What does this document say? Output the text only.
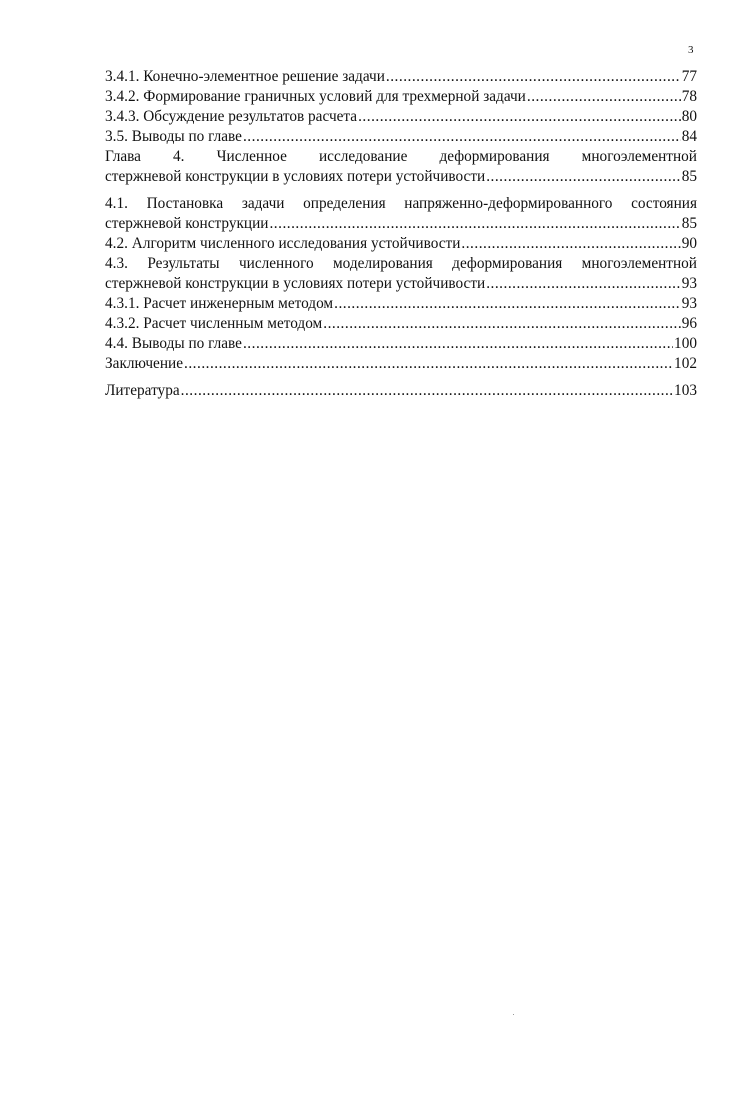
3
3.4.1. Конечно-элементное решение задачи .....	77
3.4.2. Формирование граничных условий для трехмерной задачи .....	78
3.4.3. Обсуждение результатов расчета .....	80
3.5. Выводы по главе .....	84
Глава 4. Численное исследование деформирования многоэлементной
стержневой конструкции в условиях потери устойчивости .....	85
4.1. Постановка задачи определения напряженно-деформированного состояния
стержневой конструкции .....	85
4.2. Алгоритм численного исследования устойчивости .....	90
4.3. Результаты численного моделирования деформирования многоэлементной
стержневой конструкции в условиях потери устойчивости .....	93
4.3.1. Расчет инженерным методом .....	93
4.3.2. Расчет численным методом .....	96
4.4. Выводы по главе .....	100
Заключение .....	102
Литература .....	103
